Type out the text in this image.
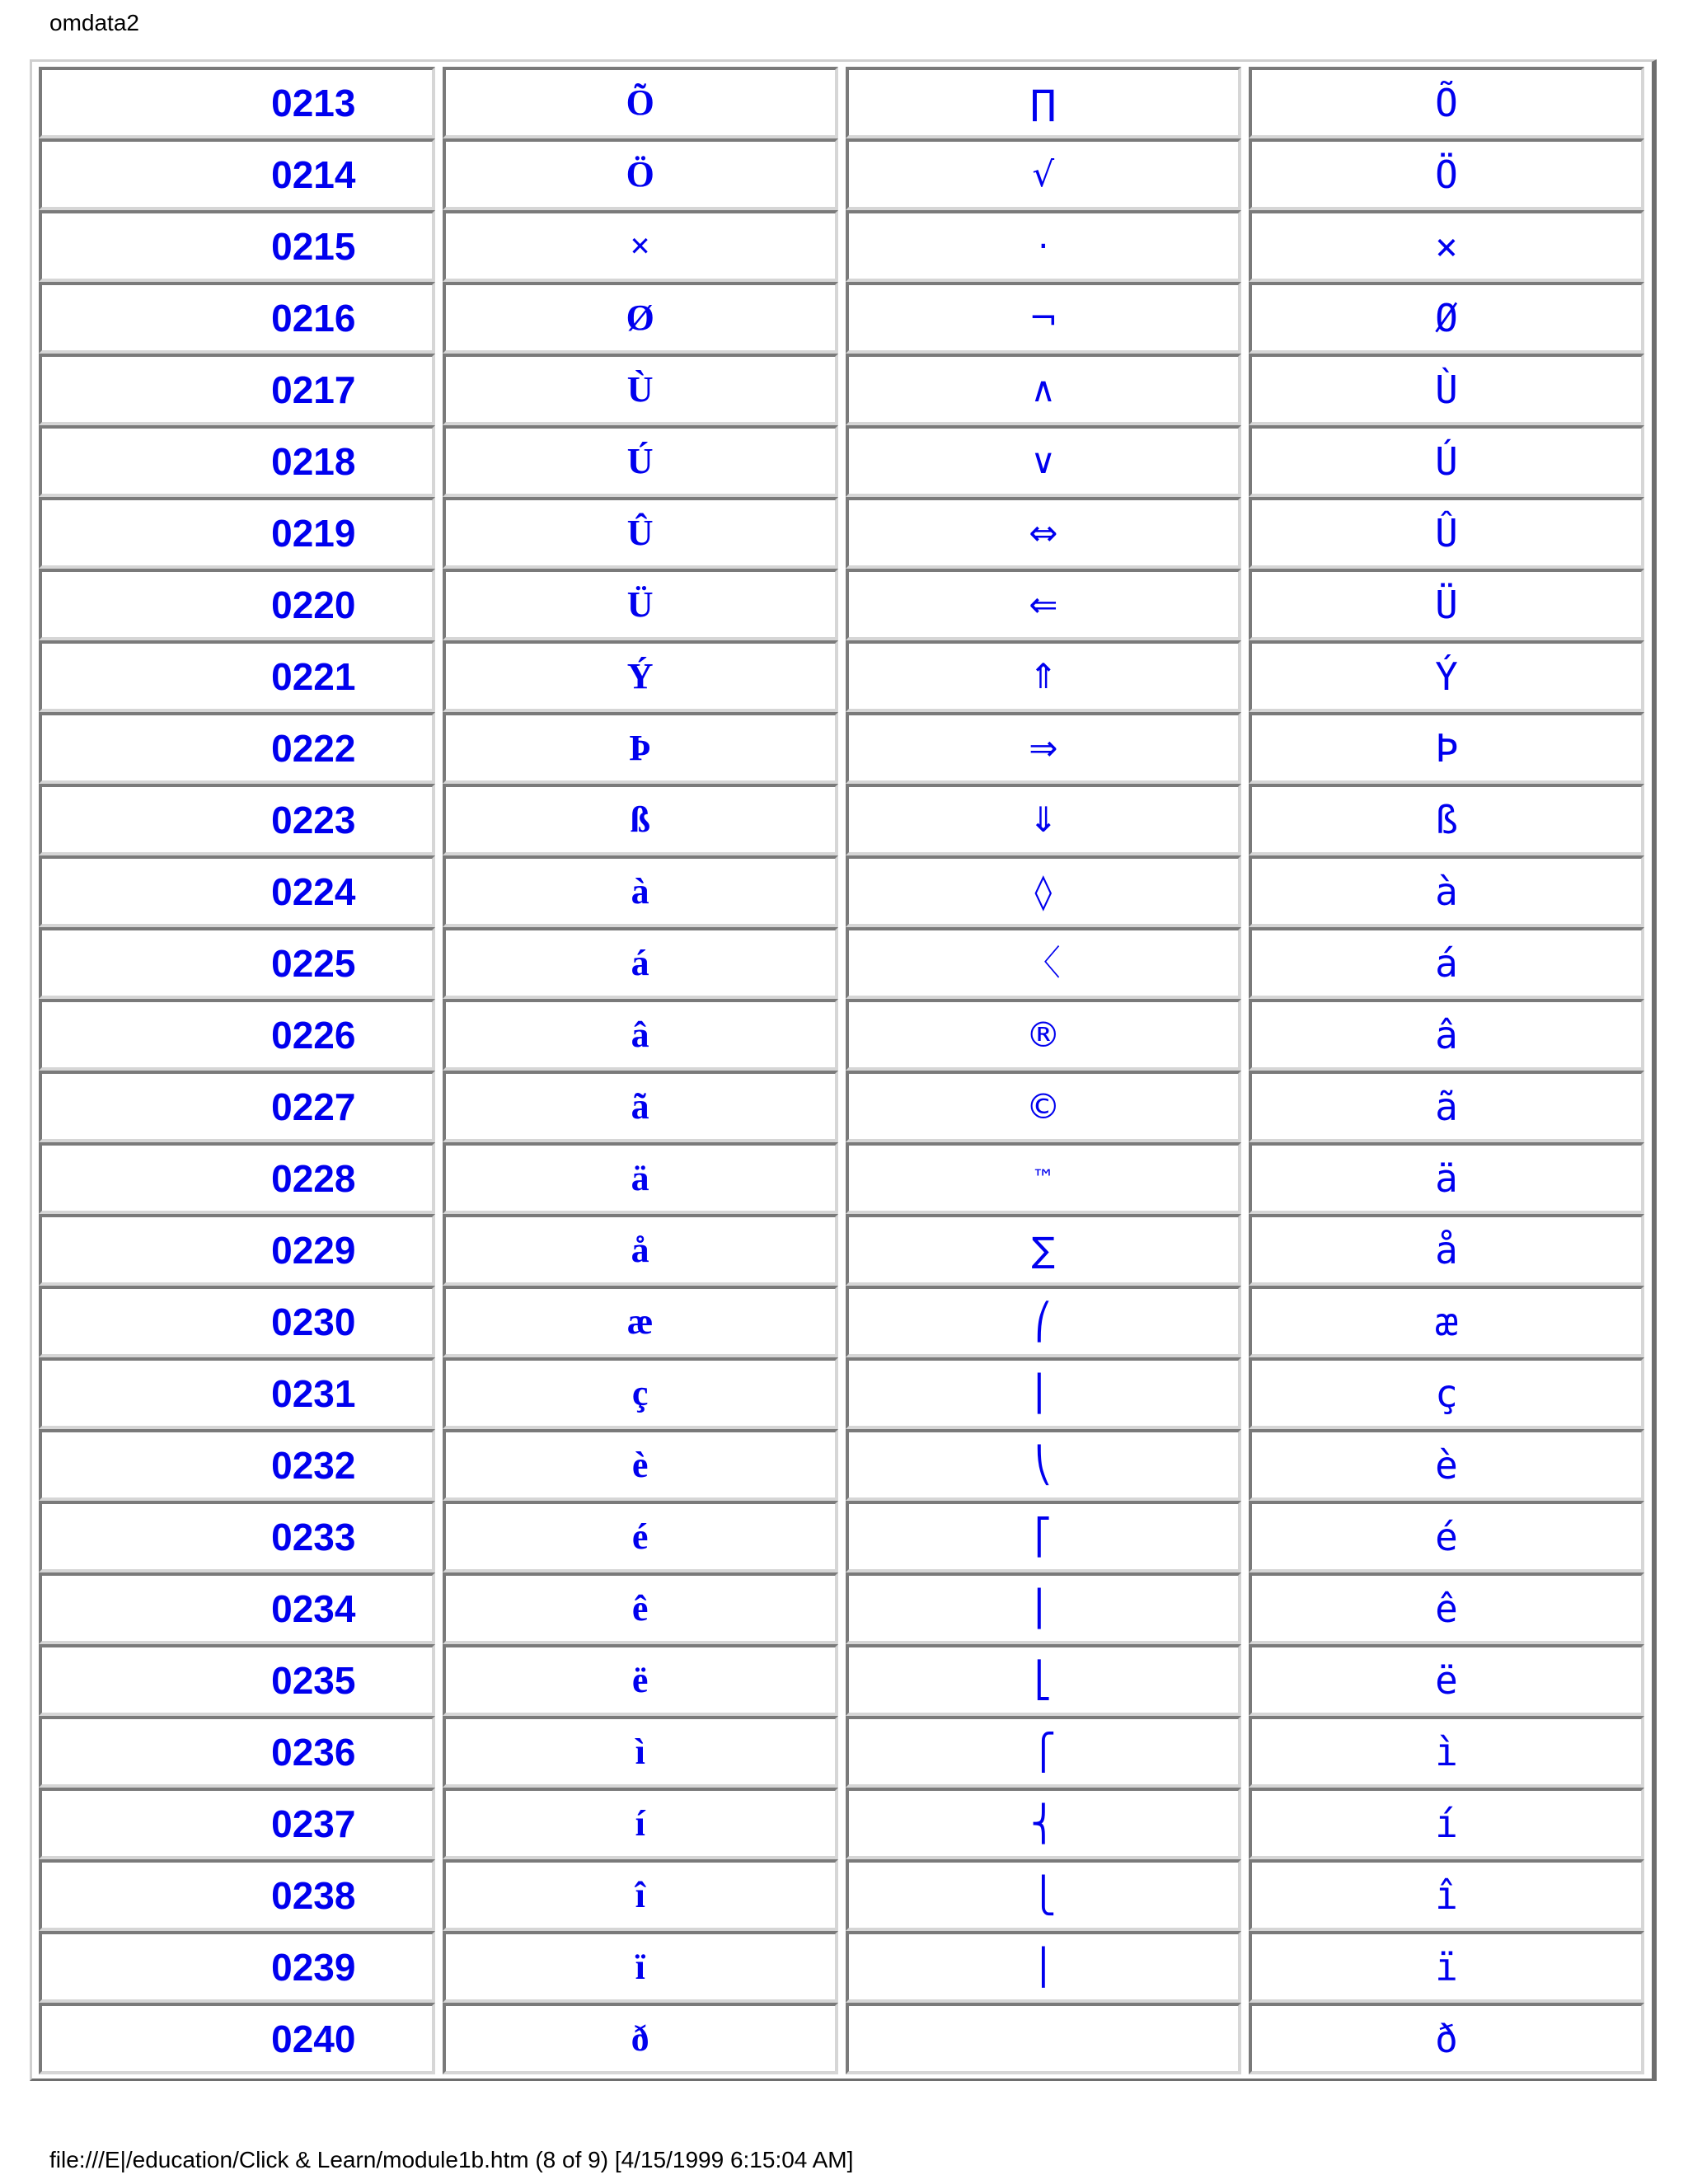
omdata2
0213	Õ	∏	Õ

0214	Ö	√	Ö

0215	×	·	×

0216	Ø	¬	Ø

0217	Ù	∧	Ù

0218	Ú	∨	Ú

0219	Û	⇔	Û

0220	Ü	⇐	Ü

0221	Ý	⇑	Ý

0222	Þ	⇒	Þ

0223	ß	⇓	ß

0224	à	◊	à

0225	á	〈	á

0226	â	®	â

0227	ã	©	ã

0228	ä	™	ä

0229	å	∑	å

0230	æ	⎛	æ

0231	ç	⎜	ç

0232	è	⎝	è

0233	é	⎡	é

0234	ê	⎢	ê

0235	ë	⎣	ë

0236	ì	⎧	ì

0237	í	⎨	í

0238	î	⎩	î

0239	ï	⎪	ï

0240	ð		ð
file:///E|/education/Click & Learn/module1b.htm (8 of 9) [4/15/1999 6:15:04 AM]
